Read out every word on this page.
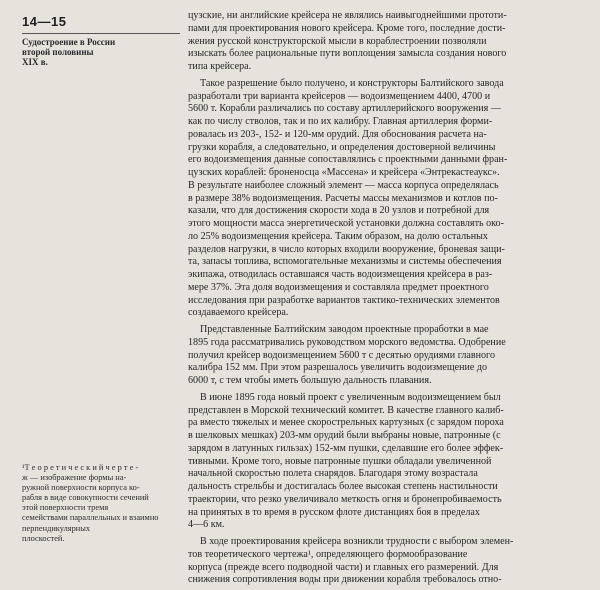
14—15
Судостроение в России
второй половины
XIX в.
¹Т е о р е т и ч е с к и й ч е р т е -
ж — изображение формы на-
ружной поверхности корпуса ко-
рабля в виде совокупности сечений
этой поверхности тремя
семействами параллельных и взаимно
перпендикулярных
плоскостей.
цузские, ни английские крейсера не являлись наивыгоднейшими прототи-
пами для проектирования нового крейсера. Кроме того, последние дости-
жения русской конструкторской мысли в кораблестроении позволяли
изыскать более рациональные пути воплощения замысла создания нового
типа крейсера.
Такое разрешение было получено, и конструкторы Балтийского завода
разработали три варианта крейсеров — водоизмещением 4400, 4700 и
5600 т. Корабли различались по составу артиллерийского вооружения —
как по числу стволов, так и по их калибру. Главная артиллерия форми-
ровалась из 203-, 152- и 120-мм орудий. Для обоснования расчета на-
грузки корабля, а следовательно, и определения достоверной величины
его водоизмещения данные сопоставлялись с проектными данными фран-
цузских кораблей: броненосца «Массена» и крейсера «Энтрекастеаукс».
В результате наиболее сложный элемент — масса корпуса определялась
в размере 38% водоизмещения. Расчеты массы механизмов и котлов по-
казали, что для достижения скорости хода в 20 узлов и потребной для
этого мощности масса энергетической установки должна составлять око-
ло 25% водоизмещения крейсера. Таким образом, на долю остальных
разделов нагрузки, в число которых входили вооружение, броневая защи-
та, запасы топлива, вспомогательные механизмы и системы обеспечения
экипажа, отводилась оставшаяся часть водоизмещения крейсера в раз-
мере 37%. Эта доля водоизмещения и составляла предмет проектного
исследования при разработке вариантов тактико-технических элементов
создаваемого крейсера.
Представленные Балтийским заводом проектные проработки в мае
1895 года рассматривались руководством морского ведомства. Одобрение
получил крейсер водоизмещением 5600 т с десятью орудиями главного
калибра 152 мм. При этом разрешалось увеличить водоизмещение до
6000 т, с тем чтобы иметь большую дальность плавания.
В июне 1895 года новый проект с увеличенным водоизмещением был
представлен в Морской технический комитет. В качестве главного калиб-
ра вместо тяжелых и менее скорострельных картузных (с зарядом пороха
в шелковых мешках) 203-мм орудий были выбраны новые, патронные (с
зарядом в латунных гильзах) 152-мм пушки, сделавшие его более эффек-
тивными. Кроме того, новые патронные пушки обладали увеличенной
начальной скоростью полета снарядов. Благодаря этому возрастала
дальность стрельбы и достигалась более высокая степень настильности
траектории, что резко увеличивало меткость огня и бронепробиваемость
на принятых в то время в русском флоте дистанциях боя в пределах
4—6 км.
В ходе проектирования крейсера возникли трудности с выбором элемен-
тов теоретического чертежа¹, определяющего формообразование
корпуса (прежде всего подводной части) и главных его размерений. Для
снижения сопротивления воды при движении корабля требовалось отно-
